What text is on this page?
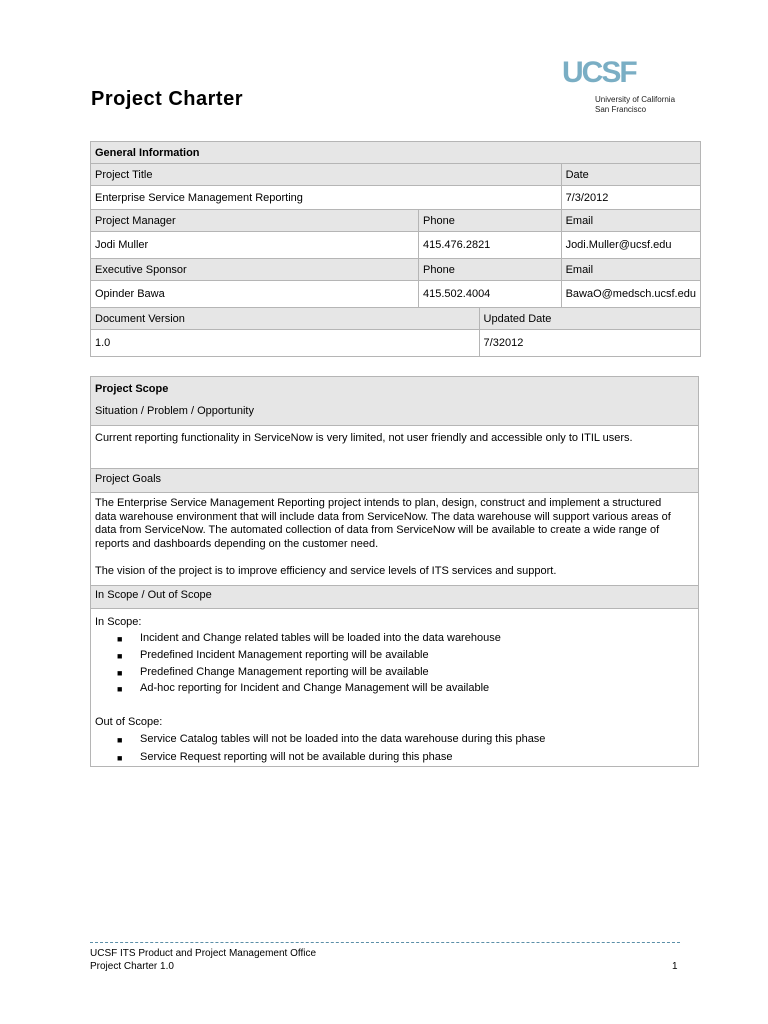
Project Charter
UCSF
University of California
San Francisco
General Information			
Project Title			Date
Enterprise Service Management Reporting			7/3/2012
Project Manager	Phone		Email
Jodi Muller	415.476.2821		Jodi.Muller@ucsf.edu
Executive Sponsor	Phone		Email
Opinder Bawa	415.502.4004		BawaO@medsch.ucsf.edu
Document Version		Updated Date	
1.0		7/32012	
Project Scope
Situation / Problem / Opportunity
Current reporting functionality in ServiceNow is very limited, not user friendly and accessible only to ITIL users.
Project Goals
The Enterprise Service Management Reporting project intends to plan, design, construct and implement a structured
data warehouse environment that will include data from ServiceNow. The data warehouse will support various areas of
data from ServiceNow. The automated collection of data from ServiceNow will be available to create a wide range of
reports and dashboards depending on the customer need.
The vision of the project is to improve efficiency and service levels of ITS services and support.
In Scope / Out of Scope
In Scope:
■ Incident and Change related tables will be loaded into the data warehouse
■ Predefined Incident Management reporting will be available
■ Predefined Change Management reporting will be available
■ Ad-hoc reporting for Incident and Change Management will be available
Out of Scope:
■ Service Catalog tables will not be loaded into the data warehouse during this phase
■ Service Request reporting will not be available during this phase
UCSF ITS Product and Project Management Office
Project Charter 1.0	1
